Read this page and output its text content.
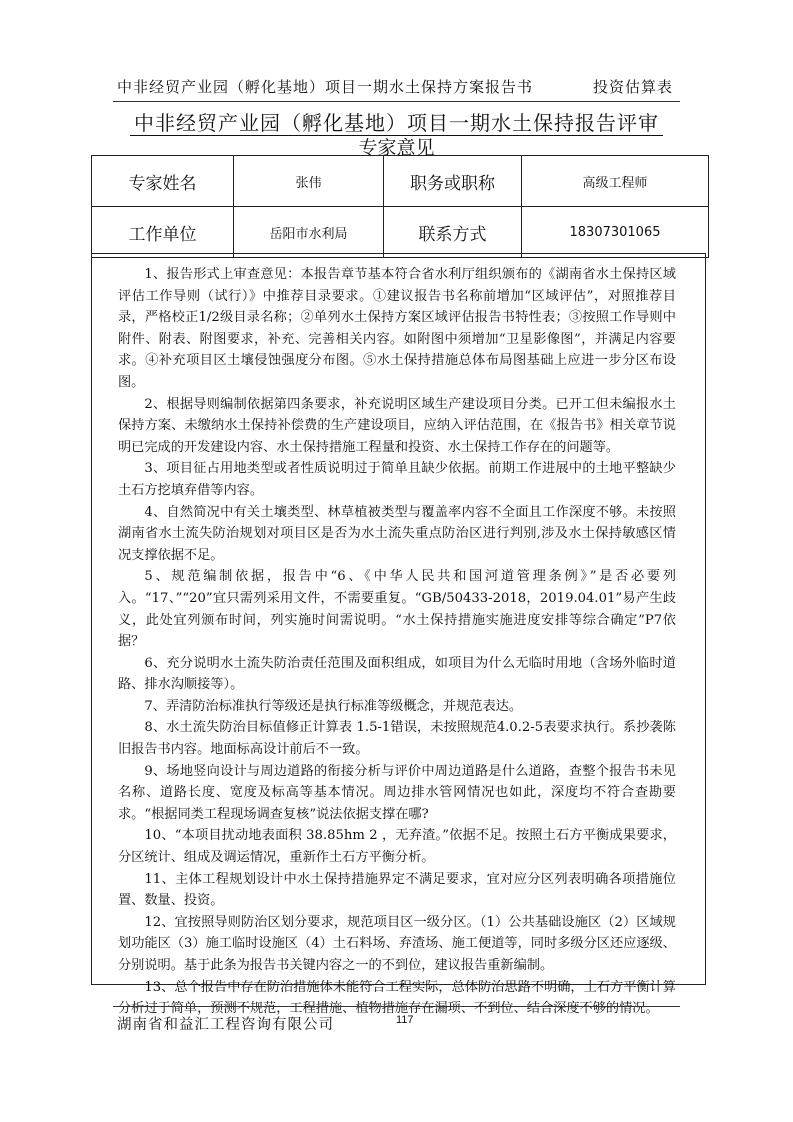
中非经贸产业园（孵化基地）项目一期水土保持方案报告书	投资估算表
中非经贸产业园（孵化基地）项目一期水土保持报告评审
专家意见
专家姓名	张伟	职务或职称	高级工程师
工作单位	岳阳市水利局	联系方式	18307301065

1、报告形式上审查意见：本报告章节基本符合省水利厅组织颁布的《湖南省水土保持区域评估工作导则（试行）》中推荐目录要求。①建议报告书名称前增加“区域评估”，对照推荐目录，严格校正1/2级目录名称；②单列水土保持方案区域评估报告书特性表；③按照工作导则中附件、附表、附图要求，补充、完善相关内容。如附图中须增加“卫星影像图”，并满足内容要求。④补充项目区土壤侵蚀强度分布图。⑤水土保持措施总体布局图基础上应进一步分区布设图。

2、根据导则编制依据第四条要求，补充说明区域生产建设项目分类。已开工但未编报水土保持方案、未缴纳水土保持补偿费的生产建设项目，应纳入评估范围，在《报告书》相关章节说明已完成的开发建设内容、水土保持措施工程量和投资、水土保持工作存在的问题等。

3、项目征占用地类型或者性质说明过于简单且缺少依据。前期工作进展中的土地平整缺少土石方挖填弃借等内容。

4、自然简况中有关土壤类型、林草植被类型与覆盖率内容不全面且工作深度不够。未按照湖南省水土流失防治规划对项目区是否为水土流失重点防治区进行判别,涉及水土保持敏感区情况支撑依据不足。

5、规范编制依据，报告中“6、《中华人民共和国河道管理条例》”是否必要列入。“17、”“20”宜只需列采用文件，不需要重复。“GB/50433-2018，2019.04.01”易产生歧义，此处宜列颁布时间，列实施时间需说明。“水土保持措施实施进度安排等综合确定”P7依据？

6、充分说明水土流失防治责任范围及面积组成，如项目为什么无临时用地（含场外临时道路、排水沟顺接等）。

7、弄清防治标准执行等级还是执行标准等级概念，并规范表达。

8、水土流失防治目标值修正计算表 1.5-1错误，未按照规范4.0.2-5表要求执行。系抄袭陈旧报告书内容。地面标高设计前后不一致。

9、场地竖向设计与周边道路的衔接分析与评价中周边道路是什么道路，查整个报告书未见名称、道路长度、宽度及标高等基本情况。周边排水管网情况也如此，深度均不符合查勘要求。“根据同类工程现场调查复核”说法依据支撑在哪?

10、“本项目扰动地表面积 38.85hm 2 ，无弃渣。”依据不足。按照土石方平衡成果要求，分区统计、组成及调运情况，重新作土石方平衡分析。

11、主体工程规划设计中水土保持措施界定不满足要求，宜对应分区列表明确各项措施位置、数量、投资。

12、宜按照导则防治区划分要求，规范项目区一级分区。（1）公共基础设施区（2）区域规划功能区（3）施工临时设施区（4）土石料场、弃渣场、施工便道等，同时多级分区还应逐级、分别说明。基于此条为报告书关键内容之一的不到位，建议报告重新编制。

13、总个报告中存在防治措施体未能符合工程实际，总体防治思路不明确，土石方平衡计算分析过于简单，预测不规范，工程措施、植物措施存在漏项、不到位、结合深度不够的情况。

湖南省和益汇工程咨询有限公司	117
